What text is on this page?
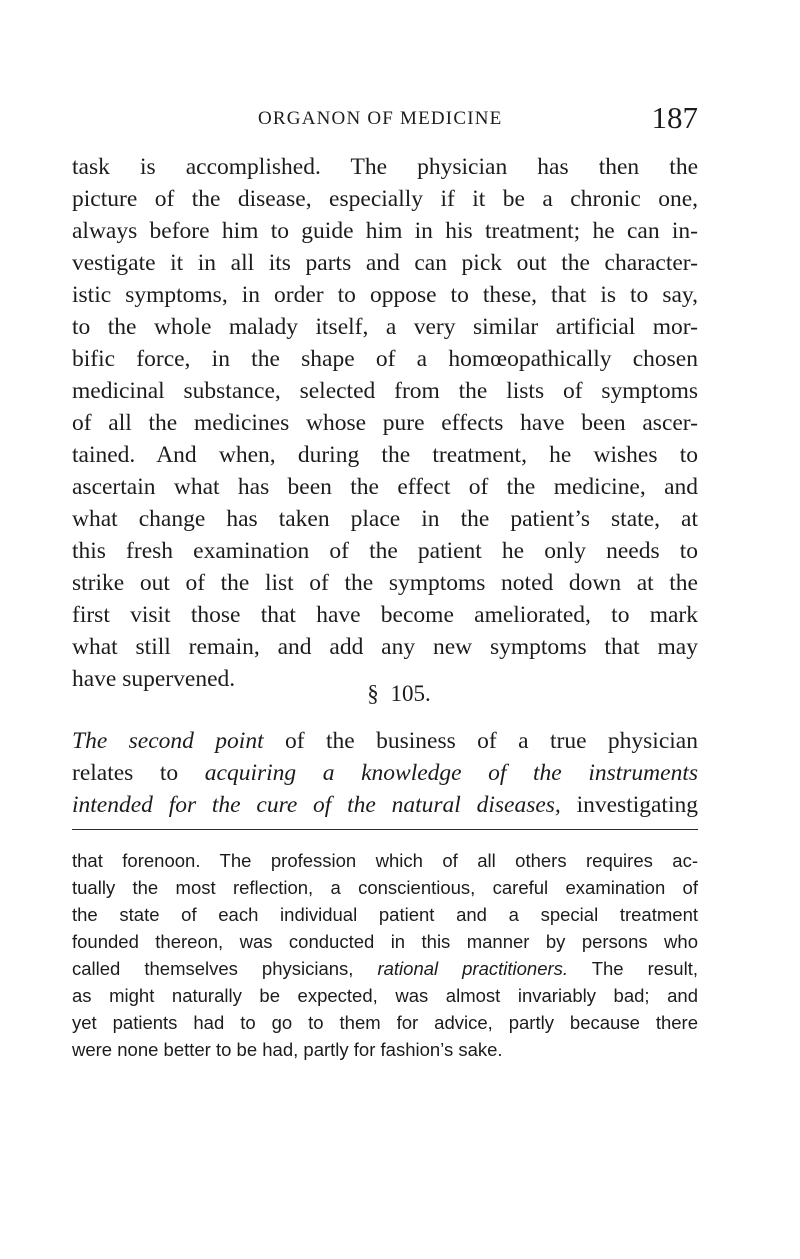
ORGANON OF MEDICINE	187

task is accomplished. The physician has then the
picture of the disease, especially if it be a chronic one,
always before him to guide him in his treatment; he can in-
vestigate it in all its parts and can pick out the character-
istic symptoms, in order to oppose to these, that is to say,
to the whole malady itself, a very similar artificial mor-
bific force, in the shape of a homœopathically chosen
medicinal substance, selected from the lists of symptoms
of all the medicines whose pure effects have been ascer-
tained. And when, during the treatment, he wishes to
ascertain what has been the effect of the medicine, and
what change has taken place in the patient’s state, at
this fresh examination of the patient he only needs to
strike out of the list of the symptoms noted down at the
first visit those that have become ameliorated, to mark
what still remain, and add any new symptoms that may
have supervened.

§ 105.

The second point of the business of a true physician
relates to acquiring a knowledge of the instruments
intended for the cure of the natural diseases, investigating

that forenoon. The profession which of all others requires ac-
tually the most reflection, a conscientious, careful examination of
the state of each individual patient and a special treatment
founded thereon, was conducted in this manner by persons who
called themselves physicians, rational practitioners. The result,
as might naturally be expected, was almost invariably bad; and
yet patients had to go to them for advice, partly because there
were none better to be had, partly for fashion’s sake.
